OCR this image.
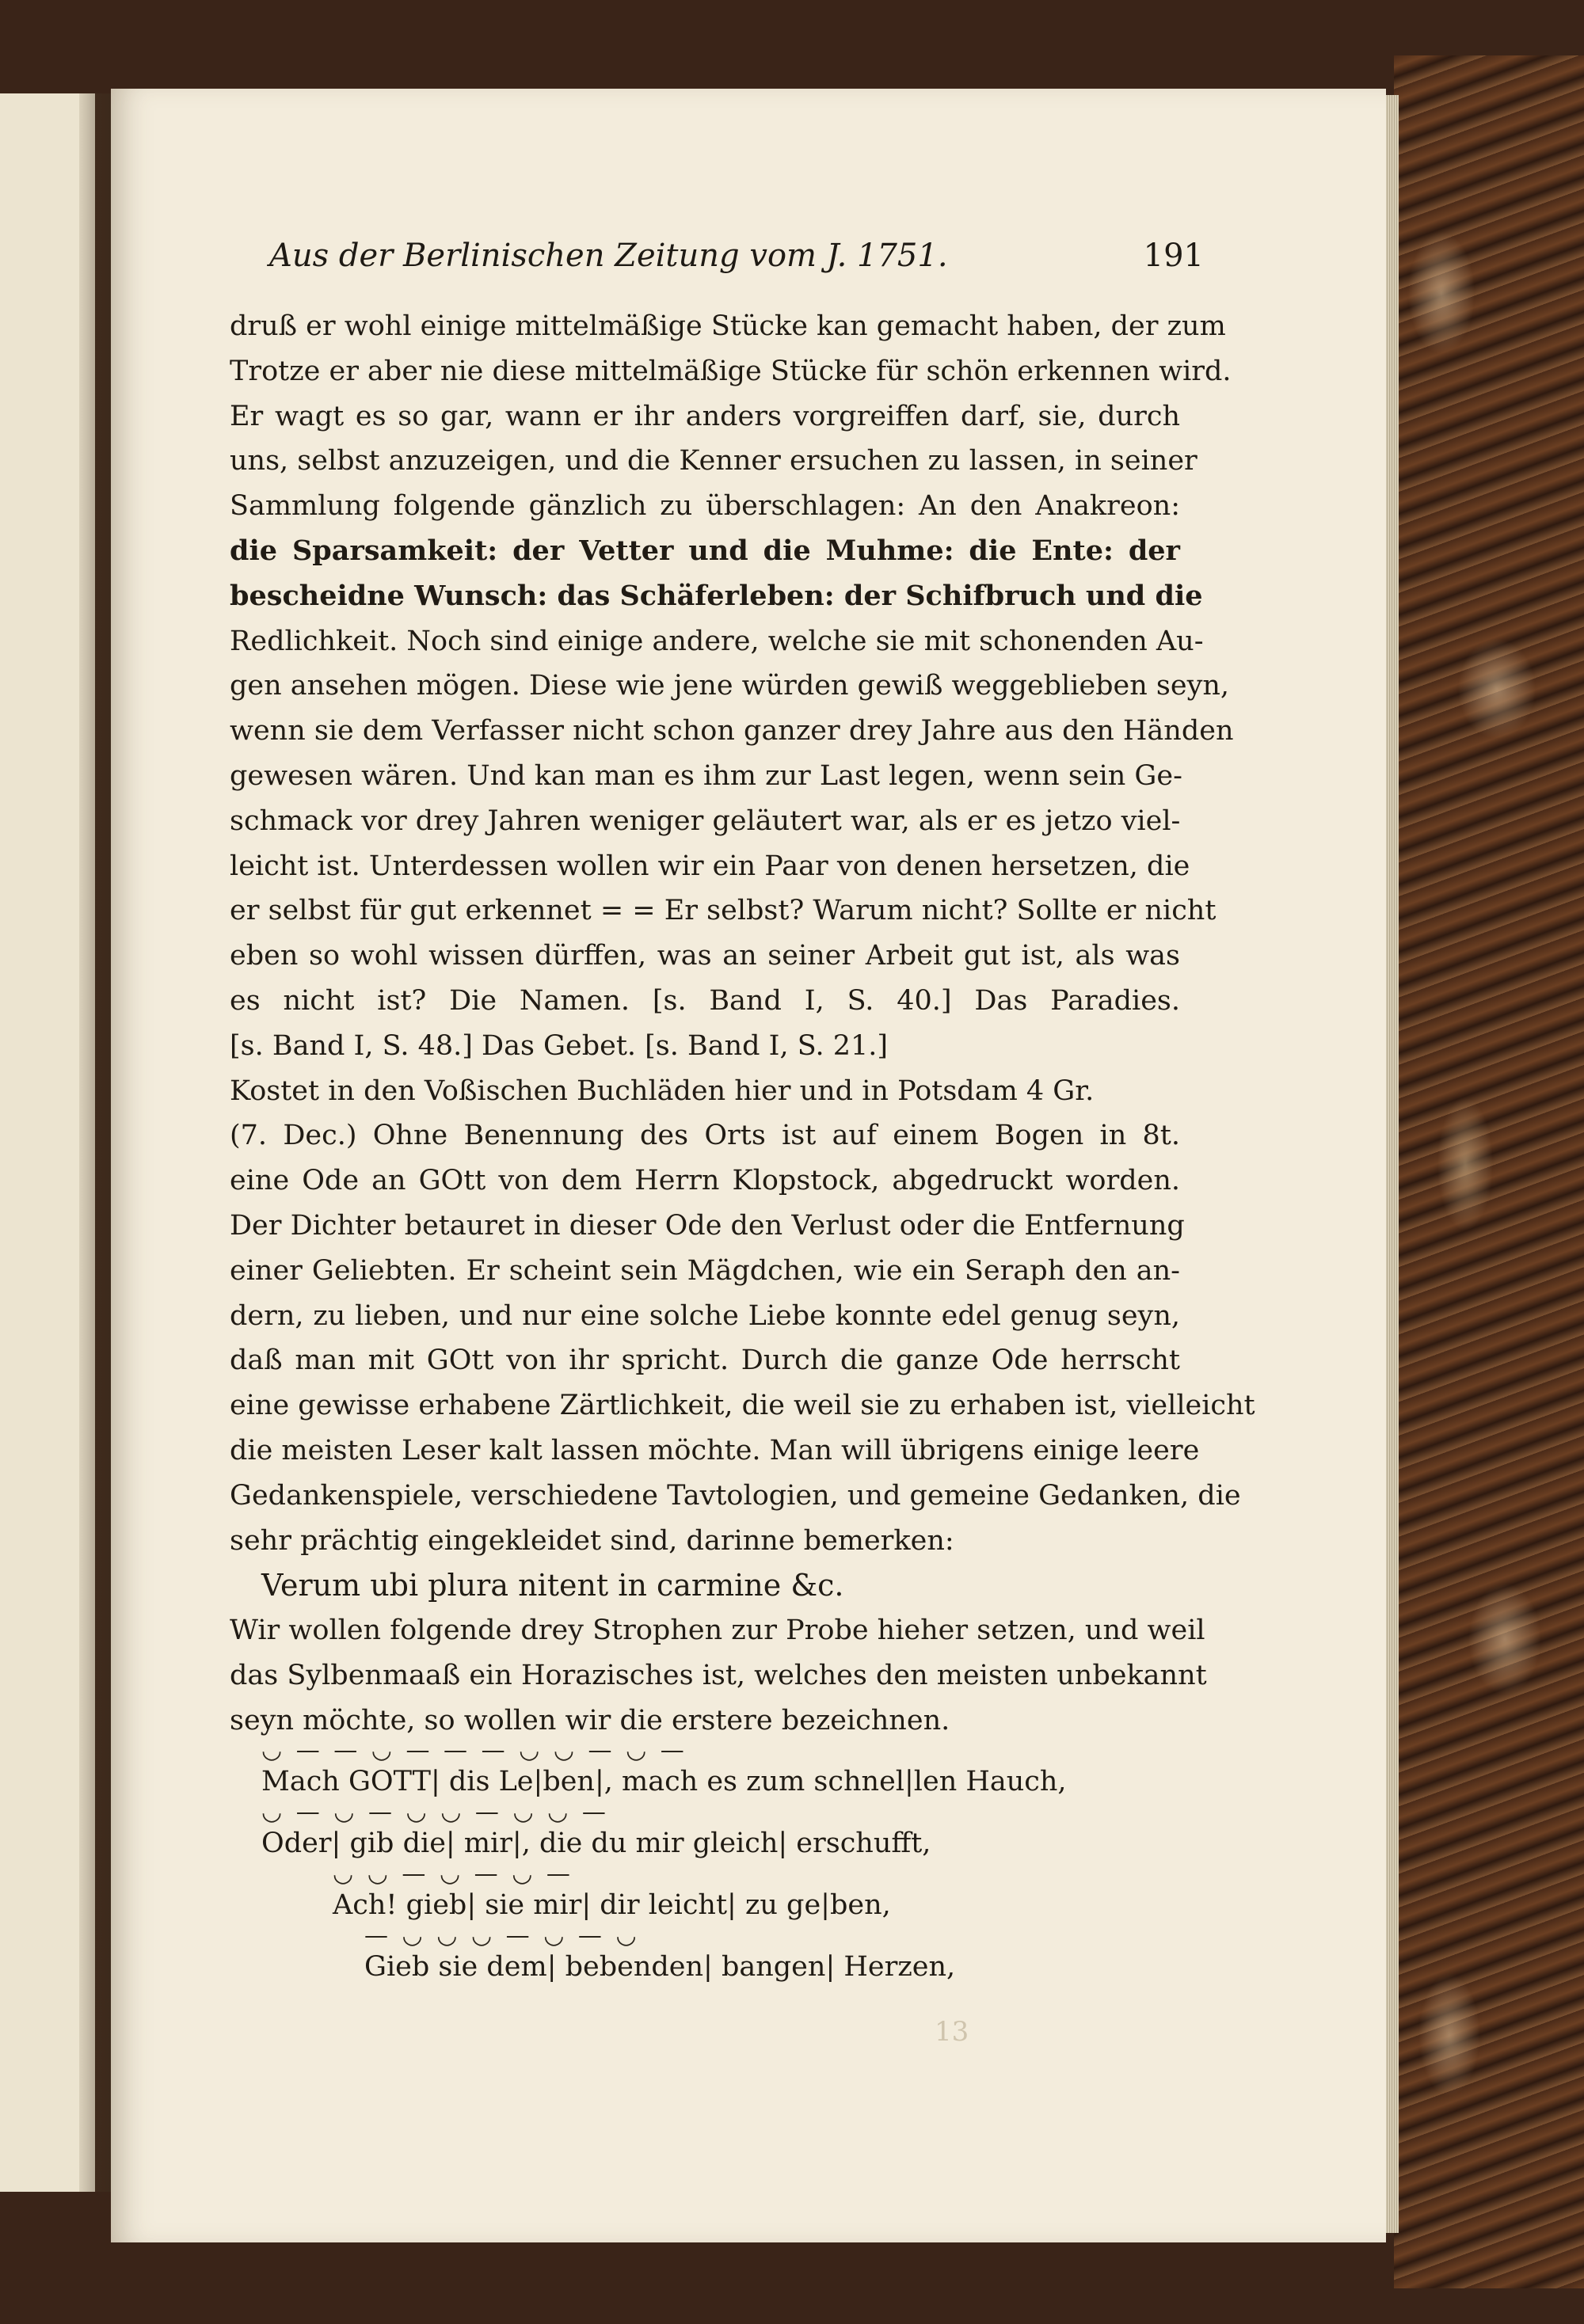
Aus der Berlinischen Zeitung vom J. 1751.	191
druß er wohl einige mittelmäßige Stücke kan gemacht haben, der zum
Trotze er aber nie diese mittelmäßige Stücke für schön erkennen wird.
Er wagt es so gar, wann er ihr anders vorgreiffen darf, sie, durch
uns, selbst anzuzeigen, und die Kenner ersuchen zu lassen, in seiner
Sammlung folgende gänzlich zu überschlagen: An den Anakreon:
die Sparsamkeit: der Vetter und die Muhme: die Ente: der
bescheidne Wunsch: das Schäferleben: der Schifbruch und die
Redlichkeit. Noch sind einige andere, welche sie mit schonenden Au-
gen ansehen mögen. Diese wie jene würden gewiß weggeblieben seyn,
wenn sie dem Verfasser nicht schon ganzer drey Jahre aus den Händen
gewesen wären. Und kan man es ihm zur Last legen, wenn sein Ge-
schmack vor drey Jahren weniger geläutert war, als er es jetzo viel-
leicht ist. Unterdessen wollen wir ein Paar von denen hersetzen, die
er selbst für gut erkennet = = Er selbst? Warum nicht? Sollte er nicht
eben so wohl wissen dürffen, was an seiner Arbeit gut ist, als was
es nicht ist? Die Namen. [s. Band I, S. 40.] Das Paradies.
[s. Band I, S. 48.] Das Gebet. [s. Band I, S. 21.]
Kostet in den Voßischen Buchläden hier und in Potsdam 4 Gr.
(7. Dec.) Ohne Benennung des Orts ist auf einem Bogen in 8t.
eine Ode an GOtt von dem Herrn Klopstock, abgedruckt worden.
Der Dichter betauret in dieser Ode den Verlust oder die Entfernung
einer Geliebten. Er scheint sein Mägdchen, wie ein Seraph den an-
dern, zu lieben, und nur eine solche Liebe konnte edel genug seyn,
daß man mit GOtt von ihr spricht. Durch die ganze Ode herrscht
eine gewisse erhabene Zärtlichkeit, die weil sie zu erhaben ist, vielleicht
die meisten Leser kalt lassen möchte. Man will übrigens einige leere
Gedankenspiele, verschiedene Tavtologien, und gemeine Gedanken, die
sehr prächtig eingekleidet sind, darinne bemerken:
Verum ubi plura nitent in carmine &c.
Wir wollen folgende drey Strophen zur Probe hieher setzen, und weil
das Sylbenmaaß ein Horazisches ist, welches den meisten unbekannt
seyn möchte, so wollen wir die erstere bezeichnen.
◡ — — ◡ — — — ◡ ◡ — ◡ —
Mach GOTT| dis Le|ben|, mach es zum schnel|len Hauch,
◡ — ◡ — ◡ ◡ — ◡ ◡ —
Oder| gib die| mir|, die du mir gleich| erschufft,
◡ ◡ — ◡ — ◡ —
Ach! gieb| sie mir| dir leicht| zu ge|ben,
— ◡ ◡ ◡ — ◡ — ◡
Gieb sie dem| bebenden| bangen| Herzen,
13
